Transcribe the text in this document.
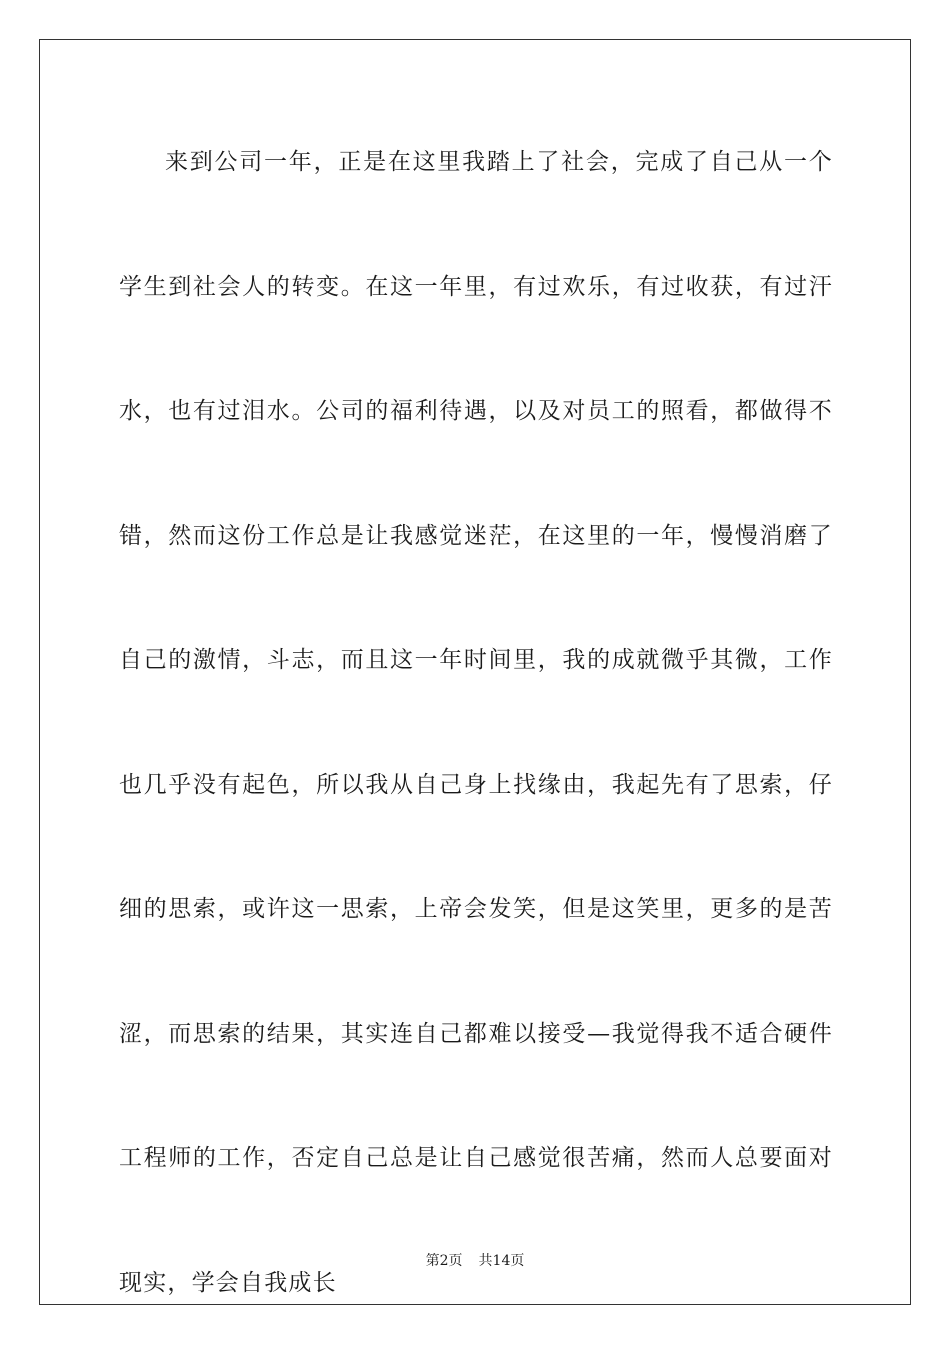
来到公司一年，正是在这里我踏上了社会，完成了自己从一个学生到社会人的转变。在这一年里，有过欢乐，有过收获，有过汗水，也有过泪水。公司的福利待遇，以及对员工的照看，都做得不错，然而这份工作总是让我感觉迷茫，在这里的一年，慢慢消磨了自己的激情，斗志，而且这一年时间里，我的成就微乎其微，工作也几乎没有起色，所以我从自己身上找缘由，我起先有了思索，仔细的思索，或许这一思索，上帝会发笑，但是这笑里，更多的是苦涩，而思索的结果，其实连自己都难以接受—我觉得我不适合硬件工程师的工作，否定自己总是让自己感觉很苦痛，然而人总要面对现实，学会自我成长

第2页 共14页
